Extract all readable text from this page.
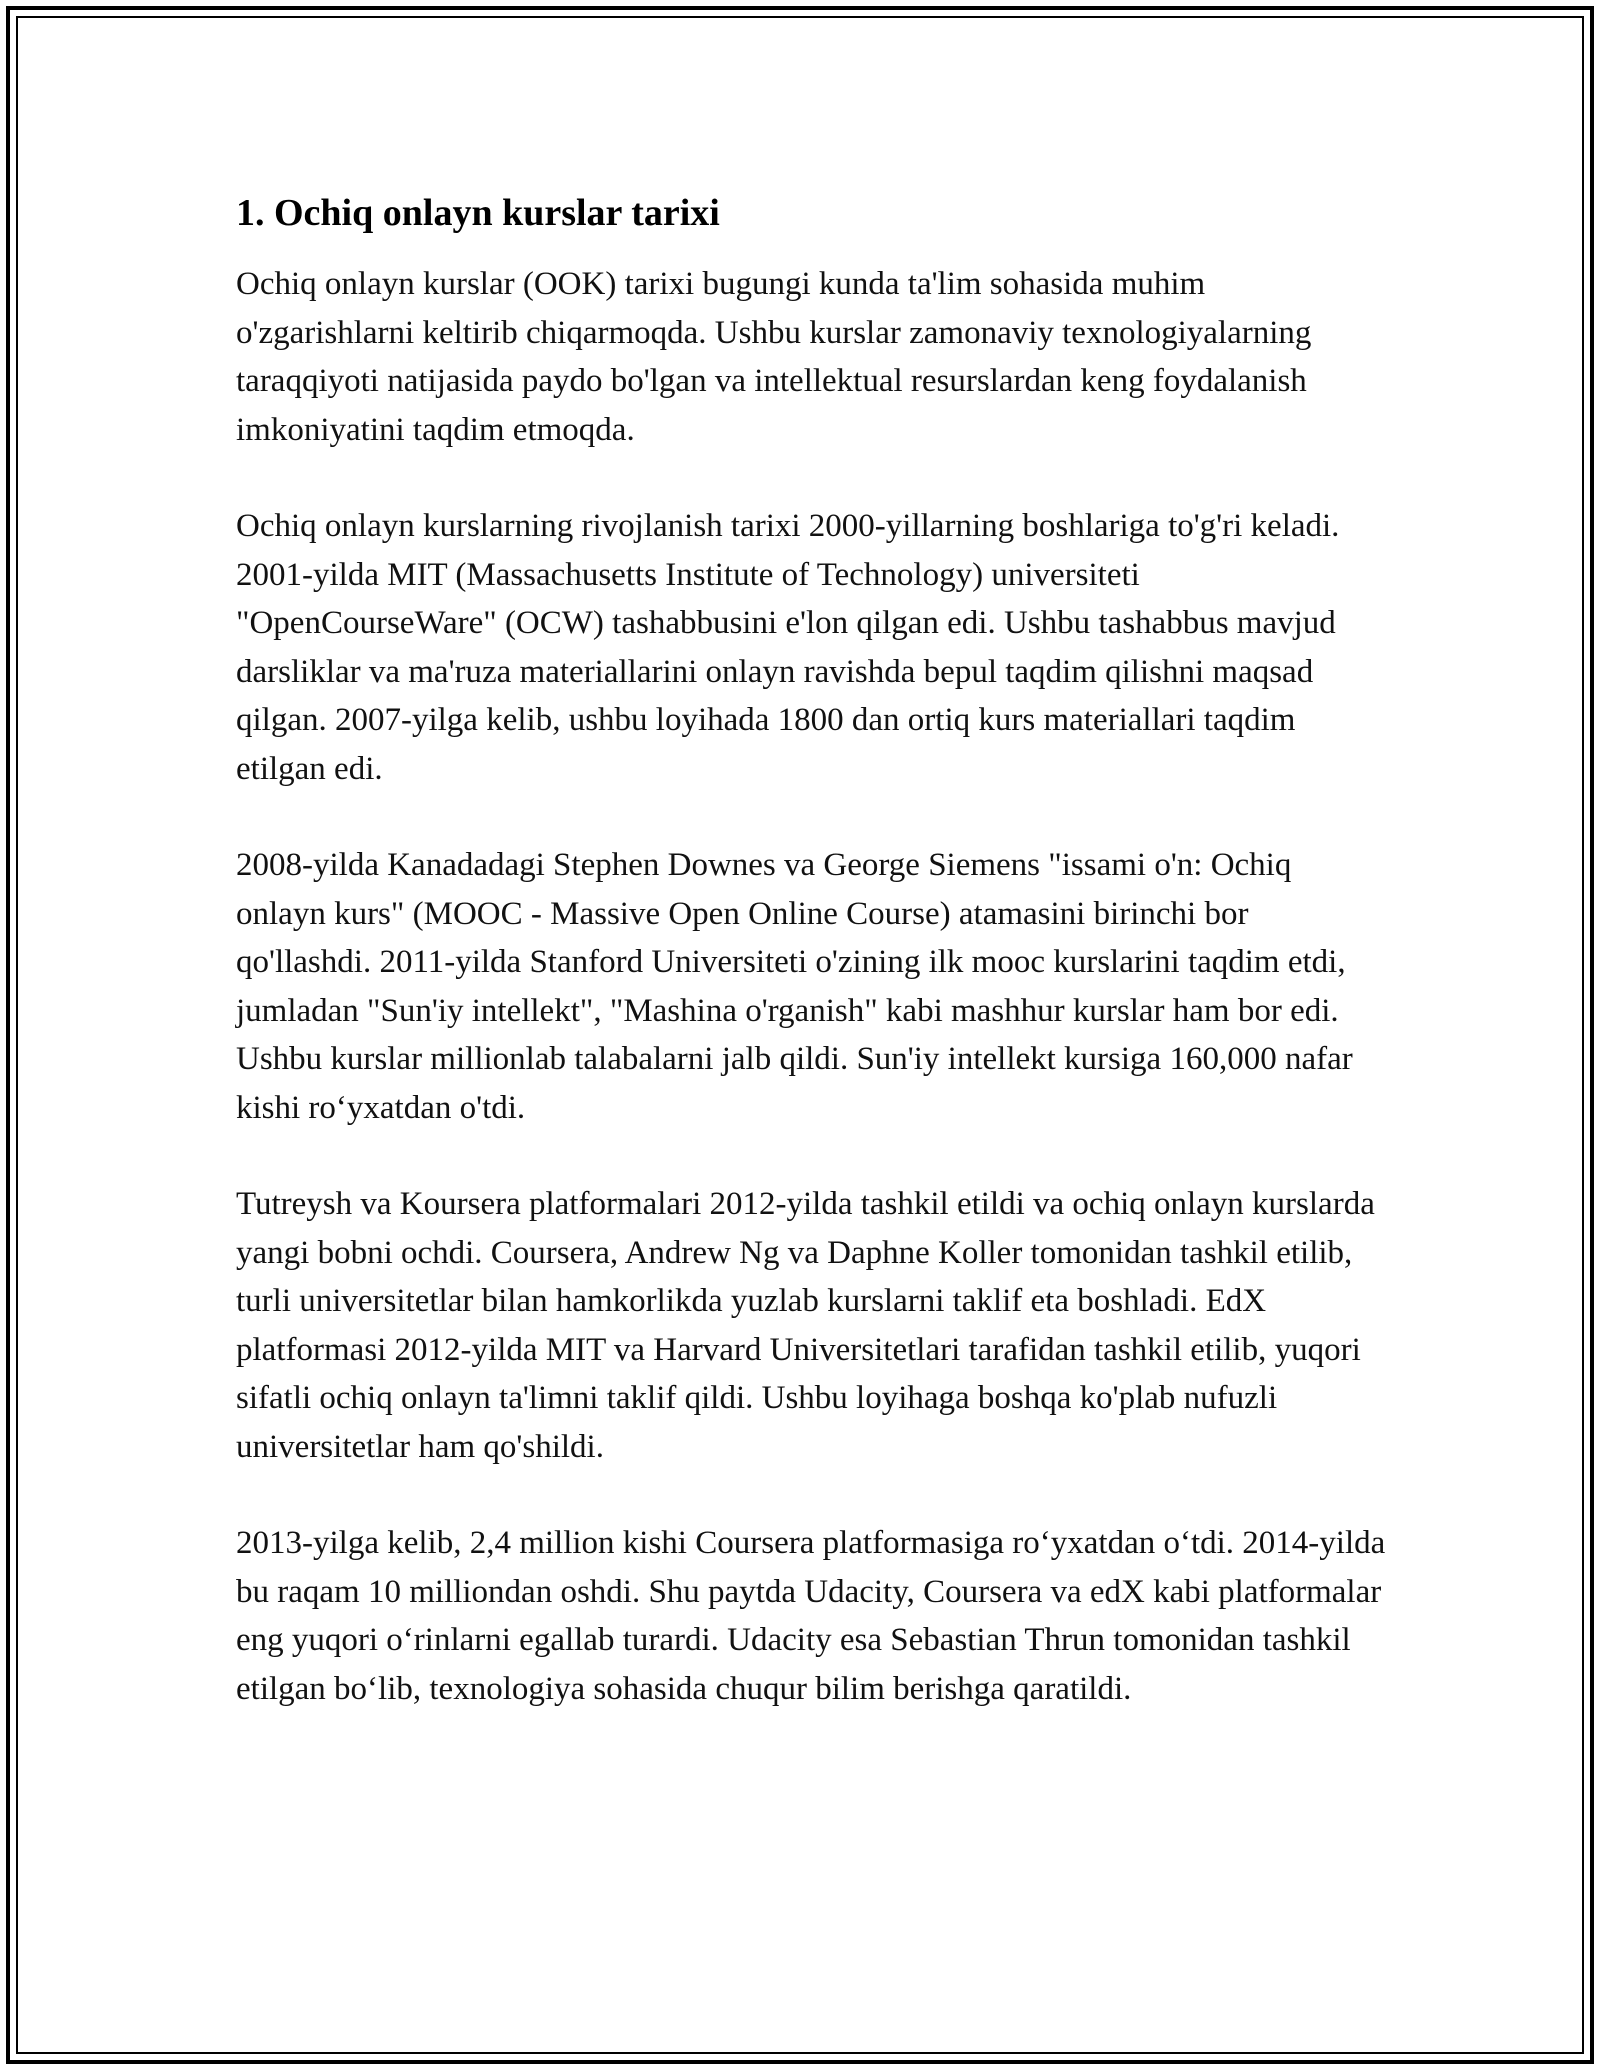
1. Ochiq onlayn kurslar tarixi

Ochiq onlayn kurslar (OOK) tarixi bugungi kunda ta'lim sohasida muhim o'zgarishlarni keltirib chiqarmoqda. Ushbu kurslar zamonaviy texnologiyalarning taraqqiyoti natijasida paydo bo'lgan va intellektual resurslardan keng foydalanish imkoniyatini taqdim etmoqda.

Ochiq onlayn kurslarning rivojlanish tarixi 2000-yillarning boshlariga to'g'ri keladi. 2001-yilda MIT (Massachusetts Institute of Technology) universiteti "OpenCourseWare" (OCW) tashabbusini e'lon qilgan edi. Ushbu tashabbus mavjud darsliklar va ma'ruza materiallarini onlayn ravishda bepul taqdim qilishni maqsad qilgan. 2007-yilga kelib, ushbu loyihada 1800 dan ortiq kurs materiallari taqdim etilgan edi.

2008-yilda Kanadadagi Stephen Downes va George Siemens "issami o'n: Ochiq onlayn kurs" (MOOC - Massive Open Online Course) atamasini birinchi bor qo'llashdi. 2011-yilda Stanford Universiteti o'zining ilk mooc kurslarini taqdim etdi, jumladan "Sun'iy intellekt", "Mashina o'rganish" kabi mashhur kurslar ham bor edi. Ushbu kurslar millionlab talabalarni jalb qildi. Sun'iy intellekt kursiga 160,000 nafar kishi ro‘yxatdan o'tdi.

Tutreysh va Koursera platformalari 2012-yilda tashkil etildi va ochiq onlayn kurslarda yangi bobni ochdi. Coursera, Andrew Ng va Daphne Koller tomonidan tashkil etilib, turli universitetlar bilan hamkorlikda yuzlab kurslarni taklif eta boshladi. EdX platformasi 2012-yilda MIT va Harvard Universitetlari tarafidan tashkil etilib, yuqori sifatli ochiq onlayn ta'limni taklif qildi. Ushbu loyihaga boshqa ko'plab nufuzli universitetlar ham qo'shildi.

2013-yilga kelib, 2,4 million kishi Coursera platformasiga ro‘yxatdan o‘tdi. 2014-yilda bu raqam 10 milliondan oshdi. Shu paytda Udacity, Coursera va edX kabi platformalar eng yuqori o‘rinlarni egallab turardi. Udacity esa Sebastian Thrun tomonidan tashkil etilgan bo‘lib, texnologiya sohasida chuqur bilim berishga qaratildi.
